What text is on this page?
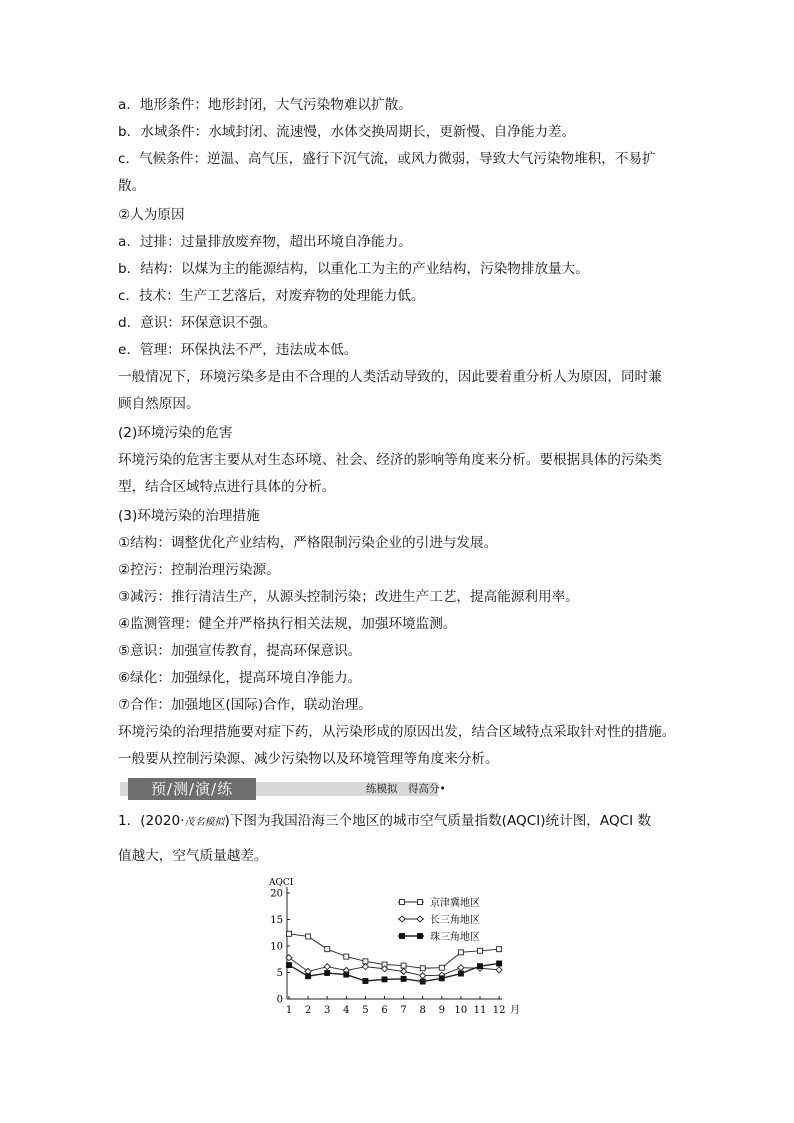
a．地形条件：地形封闭，大气污染物难以扩散。
b．水域条件：水域封闭、流速慢，水体交换周期长，更新慢、自净能力差。
c．气候条件：逆温、高气压，盛行下沉气流，或风力微弱，导致大气污染物堆积，不易扩
散。
②人为原因
a．过排：过量排放废弃物，超出环境自净能力。
b．结构：以煤为主的能源结构，以重化工为主的产业结构，污染物排放量大。
c．技术：生产工艺落后，对废弃物的处理能力低。
d．意识：环保意识不强。
e．管理：环保执法不严，违法成本低。
一般情况下，环境污染多是由不合理的人类活动导致的，因此要着重分析人为原因，同时兼
顾自然原因。
(2)环境污染的危害
环境污染的危害主要从对生态环境、社会、经济的影响等角度来分析。要根据具体的污染类
型，结合区域特点进行具体的分析。
(3)环境污染的治理措施
①结构：调整优化产业结构，严格限制污染企业的引进与发展。
②控污：控制治理污染源。
③减污：推行清洁生产，从源头控制污染；改进生产工艺，提高能源利用率。
④监测管理：健全并严格执行相关法规，加强环境监测。
⑤意识：加强宣传教育，提高环保意识。
⑥绿化：加强绿化，提高环境自净能力。
⑦合作：加强地区(国际)合作，联动治理。
环境污染的治理措施要对症下药，从污染形成的原因出发，结合区域特点采取针对性的措施。
一般要从控制污染源、减少污染物以及环境管理等角度来分析。
预/测/演/练	练模拟　得高分•
1．(2020·茂名模拟)下图为我国沿海三个地区的城市空气质量指数(AQCI)统计图，AQCI 数
值越大，空气质量越差。
AQCI
0
5
10
15
20
1 2 3 4 5 6 7 8 9 10 11 12 月
京津冀地区
长三角地区
珠三角地区
